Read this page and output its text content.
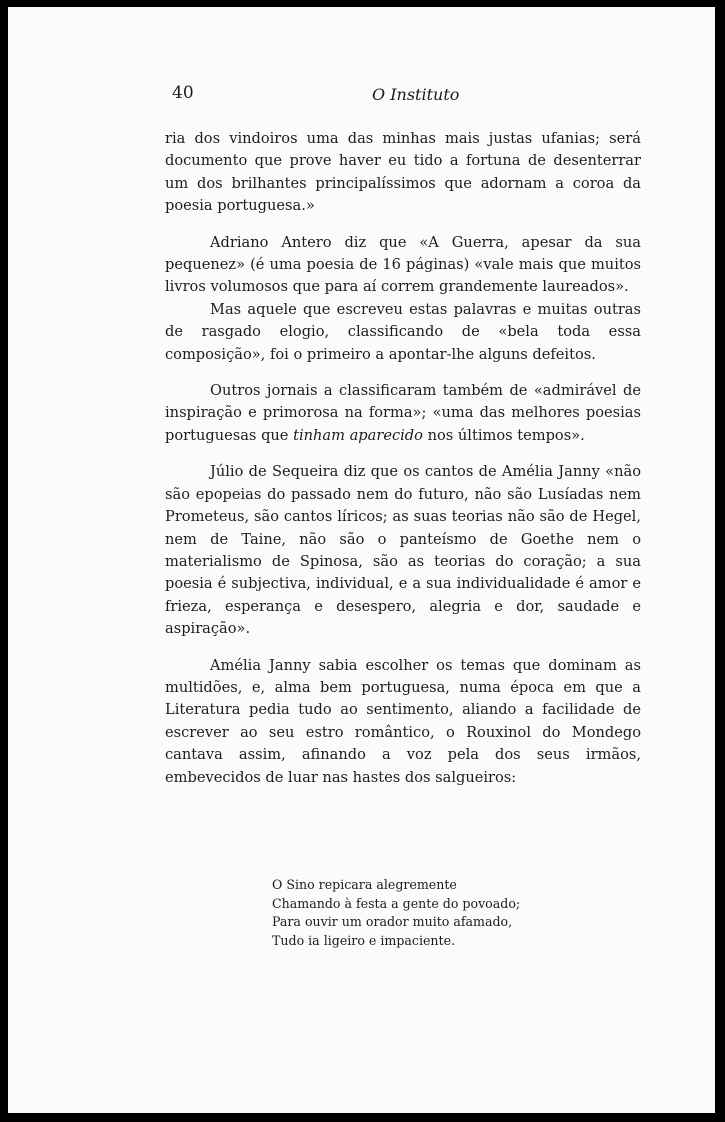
40	O Instituto

ria dos vindoiros uma das minhas mais justas ufanias; será documento que prove haver eu tido a fortuna de desenterrar um dos brilhantes principalíssimos que adornam a coroa da poesia portuguesa.»

Adriano Antero diz que «A Guerra, apesar da sua pequenez» (é uma poesia de 16 páginas) «vale mais que muitos livros volumosos que para aí correm grandemente laureados».

Mas aquele que escreveu estas palavras e muitas outras de rasgado elogio, classificando de «bela toda essa composição», foi o primeiro a apontar-lhe alguns defeitos.

Outros jornais a classificaram também de «admirável de inspiração e primorosa na forma»; «uma das melhores poesias portuguesas que tinham aparecido nos últimos tempos».

Júlio de Sequeira diz que os cantos de Amélia Janny «não são epopeias do passado nem do futuro, não são Lusíadas nem Prometeus, são cantos líricos; as suas teorias não são de Hegel, nem de Taine, não são o panteísmo de Goethe nem o materialismo de Spinosa, são as teorias do coração; a sua poesia é subjectiva, individual, e a sua individualidade é amor e frieza, esperança e desespero, alegria e dor, saudade e aspiração».

Amélia Janny sabia escolher os temas que dominam as multidões, e, alma bem portuguesa, numa época em que a Literatura pedia tudo ao sentimento, aliando a facilidade de escrever ao seu estro romântico, o Rouxinol do Mondego cantava assim, afinando a voz pela dos seus irmãos, embevecidos de luar nas hastes dos salgueiros:

O Sino repicara alegremente
Chamando à festa a gente do povoado;
Para ouvir um orador muito afamado,
Tudo ia ligeiro e impaciente.
